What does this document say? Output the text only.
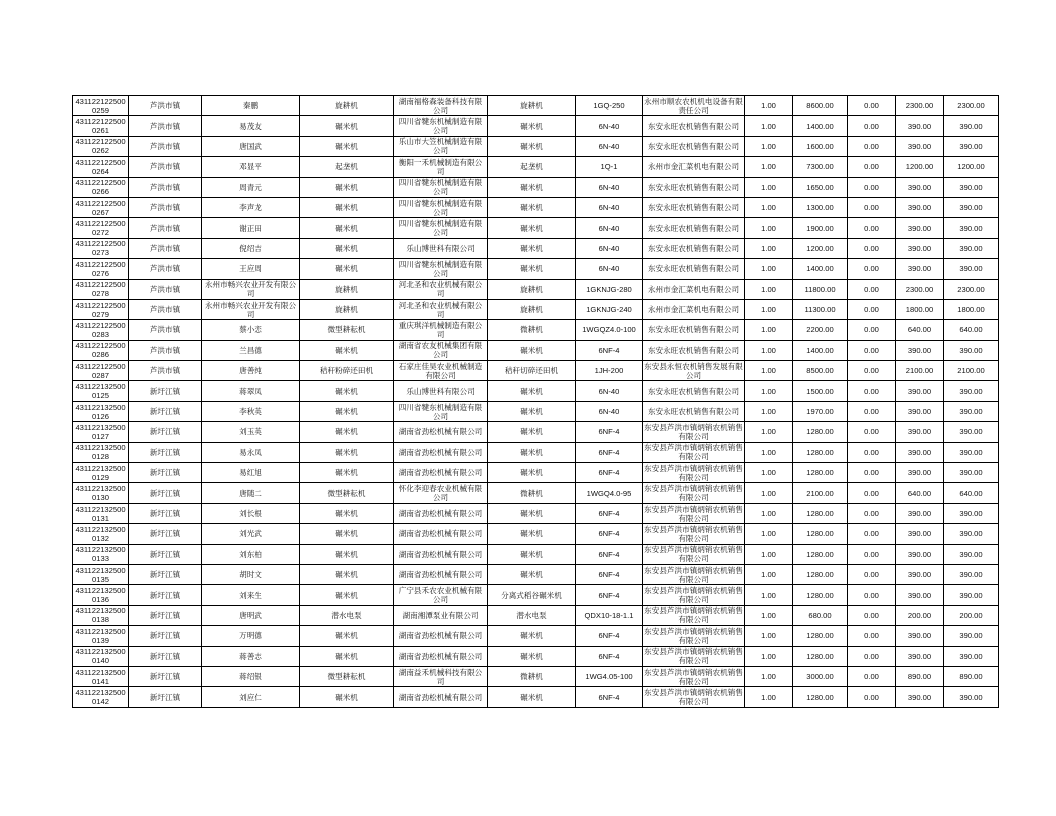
4311221225000259	芦洪市镇	秦鹏	旋耕机	湖南福格森装备科技有限公司	旋耕机	1GQ-250	永州市顺农农机机电设备有限责任公司	1.00	8600.00	0.00	2300.00	2300.00
4311221225000261	芦洪市镇	易茂友	碾米机	四川省犍东机械制造有限公司	碾米机	6N-40	东安永旺农机销售有限公司	1.00	1400.00	0.00	390.00	390.00
4311221225000262	芦洪市镇	唐国武	碾米机	乐山市大笠机械制造有限公司	碾米机	6N-40	东安永旺农机销售有限公司	1.00	1600.00	0.00	390.00	390.00
4311221225000264	芦洪市镇	邓显平	起垄机	衡阳一禾机械制造有限公司	起垄机	1Q-1	永州市金汇菜机电有限公司	1.00	7300.00	0.00	1200.00	1200.00
4311221225000266	芦洪市镇	周青元	碾米机	四川省犍东机械制造有限公司	碾米机	6N-40	东安永旺农机销售有限公司	1.00	1650.00	0.00	390.00	390.00
4311221225000267	芦洪市镇	李声龙	碾米机	四川省犍东机械制造有限公司	碾米机	6N-40	东安永旺农机销售有限公司	1.00	1300.00	0.00	390.00	390.00
4311221225000272	芦洪市镇	谢正田	碾米机	四川省犍东机械制造有限公司	碾米机	6N-40	东安永旺农机销售有限公司	1.00	1900.00	0.00	390.00	390.00
4311221225000273	芦洪市镇	倪绍吉	碾米机	乐山博世科有限公司	碾米机	6N-40	东安永旺农机销售有限公司	1.00	1200.00	0.00	390.00	390.00
4311221225000276	芦洪市镇	王应周	碾米机	四川省犍东机械制造有限公司	碾米机	6N-40	东安永旺农机销售有限公司	1.00	1400.00	0.00	390.00	390.00
4311221225000278	芦洪市镇	永州市畅兴农业开发有限公司	旋耕机	河北圣和农业机械有限公司	旋耕机	1GKNJG-280	永州市金汇菜机电有限公司	1.00	11800.00	0.00	2300.00	2300.00
4311221225000279	芦洪市镇	永州市畅兴农业开发有限公司	旋耕机	河北圣和农业机械有限公司	旋耕机	1GKNJG-240	永州市金汇菜机电有限公司	1.00	11300.00	0.00	1800.00	1800.00
4311221225000283	芦洪市镇	蔡小恋	微型耕耘机	重庆琪洋机械制造有限公司	微耕机	1WGQZ4.0-100	东安永旺农机销售有限公司	1.00	2200.00	0.00	640.00	640.00
4311221225000286	芦洪市镇	兰昌德	碾米机	湖南省农友机械集团有限公司	碾米机	6NF-4	东安永旺农机销售有限公司	1.00	1400.00	0.00	390.00	390.00
4311221225000287	芦洪市镇	唐善纯	秸秆粉碎还田机	石家庄佳昊农业机械制造有限公司	秸秆切碎还田机	1JH-200	东安县永恒农机销售发展有限公司	1.00	8500.00	0.00	2100.00	2100.00
4311221325000125	新圩江镇	蒋翠凤	碾米机	乐山博世科有限公司	碾米机	6N-40	东安永旺农机销售有限公司	1.00	1500.00	0.00	390.00	390.00
4311221325000126	新圩江镇	李秋英	碾米机	四川省犍东机械制造有限公司	碾米机	6N-40	东安永旺农机销售有限公司	1.00	1970.00	0.00	390.00	390.00
4311221325000127	新圩江镇	刘玉英	碾米机	湖南省劲松机械有限公司	碾米机	6NF-4	东安县芦洪市镇炳销农机销售有限公司	1.00	1280.00	0.00	390.00	390.00
4311221325000128	新圩江镇	易永凤	碾米机	湖南省劲松机械有限公司	碾米机	6NF-4	东安县芦洪市镇炳销农机销售有限公司	1.00	1280.00	0.00	390.00	390.00
4311221325000129	新圩江镇	易红旭	碾米机	湖南省劲松机械有限公司	碾米机	6NF-4	东安县芦洪市镇炳销农机销售有限公司	1.00	1280.00	0.00	390.00	390.00
4311221325000130	新圩江镇	唐随二	微型耕耘机	怀化李迎春农业机械有限公司	微耕机	1WGQ4.0-95	东安县芦洪市镇炳销农机销售有限公司	1.00	2100.00	0.00	640.00	640.00
4311221325000131	新圩江镇	刘长根	碾米机	湖南省劲松机械有限公司	碾米机	6NF-4	东安县芦洪市镇炳销农机销售有限公司	1.00	1280.00	0.00	390.00	390.00
4311221325000132	新圩江镇	刘光武	碾米机	湖南省劲松机械有限公司	碾米机	6NF-4	东安县芦洪市镇炳销农机销售有限公司	1.00	1280.00	0.00	390.00	390.00
4311221325000133	新圩江镇	刘东柏	碾米机	湖南省劲松机械有限公司	碾米机	6NF-4	东安县芦洪市镇炳销农机销售有限公司	1.00	1280.00	0.00	390.00	390.00
4311221325000135	新圩江镇	胡时文	碾米机	湖南省劲松机械有限公司	碾米机	6NF-4	东安县芦洪市镇炳销农机销售有限公司	1.00	1280.00	0.00	390.00	390.00
4311221325000136	新圩江镇	刘来生	碾米机	广宁县禾农农业机械有限公司	分离式稻谷碾米机	6NF-4	东安县芦洪市镇炳销农机销售有限公司	1.00	1280.00	0.00	390.00	390.00
4311221325000138	新圩江镇	唐明武	潜水电泵	湖南湘潭泵业有限公司	潜水电泵	QDX10-18-1.1	东安县芦洪市镇炳销农机销售有限公司	1.00	680.00	0.00	200.00	200.00
4311221325000139	新圩江镇	万明德	碾米机	湖南省劲松机械有限公司	碾米机	6NF-4	东安县芦洪市镇炳销农机销售有限公司	1.00	1280.00	0.00	390.00	390.00
4311221325000140	新圩江镇	蒋善志	碾米机	湖南省劲松机械有限公司	碾米机	6NF-4	东安县芦洪市镇炳销农机销售有限公司	1.00	1280.00	0.00	390.00	390.00
4311221325000141	新圩江镇	蒋绍银	微型耕耘机	湖南益禾机械科技有限公司	微耕机	1WG4.05-100	东安县芦洪市镇炳销农机销售有限公司	1.00	3000.00	0.00	890.00	890.00
4311221325000142	新圩江镇	刘应仁	碾米机	湖南省劲松机械有限公司	碾米机	6NF-4	东安县芦洪市镇炳销农机销售有限公司	1.00	1280.00	0.00	390.00	390.00
